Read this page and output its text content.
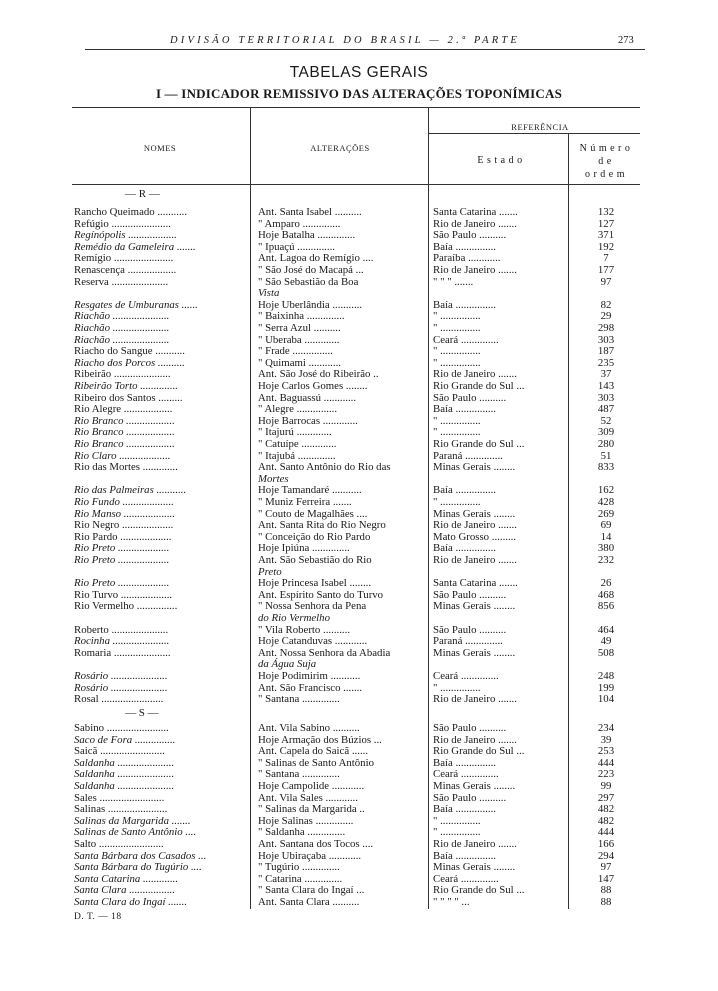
DIVISÃO TERRITORIAL DO BRASIL — 2.ª PARTE	273
TABELAS GERAIS
I — INDICADOR REMISSIVO DAS ALTERAÇÕES TOPONÍMICAS
NOMES	ALTERAÇÕES
REFERÊNCIA
E s t a d o
N ú m e r o
d e
o r d e m
— R —
— S —
Rancho Queimado ...........	Ant. Santa Isabel ..........	Santa Catarina .......	132
Refúgio ......................	" Amparo ..............	Rio de Janeiro .......	127
Regínópolis ..................	Hoje Batalha ..............	São Paulo ..........	371
Remédio da Gameleira .......	" Ipuaçú ..............	Baía ...............	192
Remígio ......................	Ant. Lagoa do Remígio ....	Paraíba ............	7
Renascença ..................	" São José do Macapá ...	Rio de Janeiro .......	177
Reserva .....................	" São Sebastião da Boa	" " " .......	97
Vista
Resgates de Umburanas ......	Hoje Uberlândia ...........	Baía ...............	82
Riachão .....................	" Baixinha ..............	" ...............	29
Riachão .....................	" Serra Azul ..........	" ...............	298
Riachão .....................	" Uberaba .............	Ceará ..............	303
Riacho do Sangue ...........	" Frade ...............	" ...............	187
Riacho dos Porcos ..........	" Quimami ............	" ...............	235
Ribeirão .....................	Ant. São José do Ribeirão ..	Rio de Janeiro .......	37
Ribeirão Torto ..............	Hoje Carlos Gomes ........	Rio Grande do Sul ...	143
Ribeiro dos Santos .........	Ant. Baguassú ............	São Paulo ..........	303
Rio Alegre ..................	" Alegre ...............	Baía ...............	487
Rio Branco ..................	Hoje Barrocas .............	" ...............	52
Rio Branco ..................	" Itajurú .............	" ...............	309
Rio Branco ..................	" Catuípe .............	Rio Grande do Sul ...	280
Rio Claro ...................	" Itajubá ..............	Paraná ..............	51
Rio das Mortes .............	Ant. Santo Antônio do Rio das	Minas Gerais ........	833
Mortes
Rio das Palmeiras ...........	Hoje Tamandaré ...........	Baía ...............	162
Rio Fundo ...................	" Muniz Ferreira .......	" ...............	428
Rio Manso ...................	" Couto de Magalhães ....	Minas Gerais ........	269
Rio Negro ...................	Ant. Santa Rita do Rio Negro	Rio de Janeiro .......	69
Rio Pardo ...................	" Conceição do Rio Pardo	Mato Grosso .........	14
Rio Preto ...................	Hoje Ipiúna ..............	Baía ...............	380
Rio Preto ...................	Ant. São Sebastião do Rio	Rio de Janeiro .......	232
Preto
Rio Preto ...................	Hoje Princesa Isabel ........	Santa Catarina .......	26
Rio Turvo ...................	Ant. Espírito Santo do Turvo	São Paulo ..........	468
Rio Vermelho ...............	" Nossa Senhora da Pena	Minas Gerais ........	856
do Rio Vermelho
Roberto .....................	" Vila Roberto ..........	São Paulo ..........	464
Rocinha .....................	Hoje Catanduvas ............	Paraná ..............	49
Romaria .....................	Ant. Nossa Senhora da Abadia	Minas Gerais ........	508
da Água Suja
Rosário .....................	Hoje Podimirim ...........	Ceará ..............	248
Rosário .....................	Ant. São Francisco .......	" ...............	199
Rosal .......................	" Santana ..............	Rio de Janeiro .......	104
Sabino .......................	Ant. Vila Sabino ..........	São Paulo ..........	234
Saco de Fora ...............	Hoje Armação dos Búzios ...	Rio de Janeiro .......	39
Saicã ........................	Ant. Capela do Saicã ......	Rio Grande do Sul ...	253
Saldanha .....................	" Salinas de Santo Antônio	Baía ...............	444
Saldanha .....................	" Santana ..............	Ceará ..............	223
Saldanha .....................	Hoje Campolide ............	Minas Gerais ........	99
Sales ........................	Ant. Vila Sales ............	São Paulo ..........	297
Salinas ......................	" Salinas da Margarida ..	Baía ...............	482
Salinas da Margarida .......	Hoje Salinas ..............	" ...............	482
Salinas de Santo Antônio ....	" Saldanha ..............	" ...............	444
Salto ........................	Ant. Santana dos Tocos ....	Rio de Janeiro .......	166
Santa Bárbara dos Casados ...	Hoje Ubiraçaba ............	Baía ...............	294
Santa Bárbara do Tugúrio ....	" Tugúrio ..............	Minas Gerais ........	97
Santa Catarina .............	" Catarina ..............	Ceará ..............	147
Santa Clara .................	" Santa Clara do Ingaí ...	Rio Grande do Sul ...	88
Santa Clara do Ingaí .......	Ant. Santa Clara ..........	" " " " ...	88
D. T. — 18
